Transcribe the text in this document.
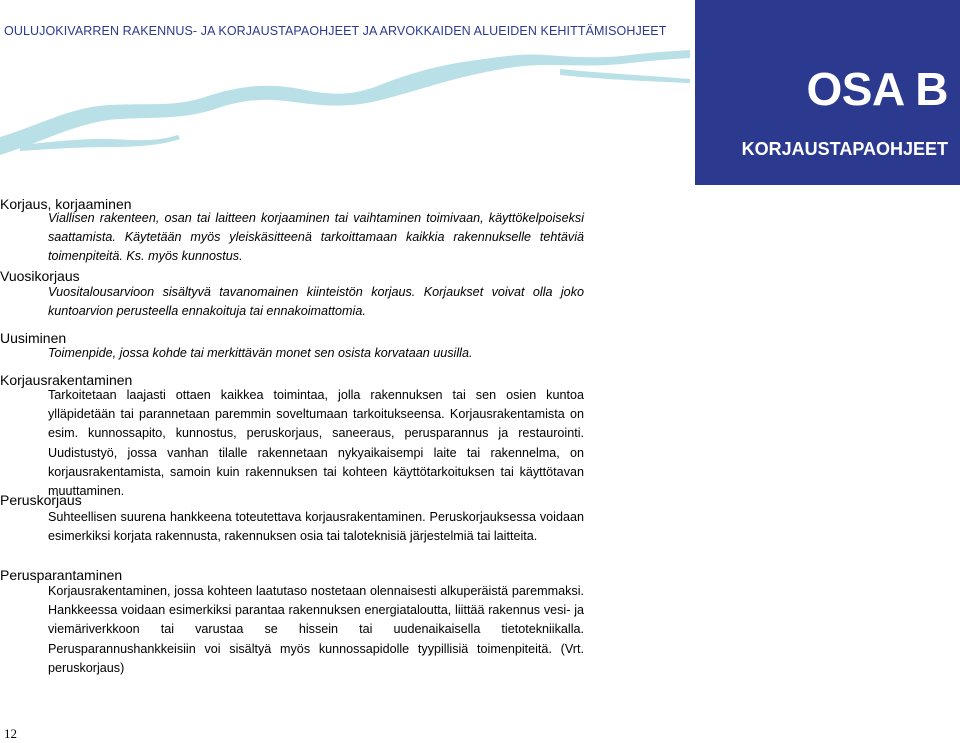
OULUJOKIVARREN RAKENNUS- JA KORJAUSTAPAOHJEET JA ARVOKKAIDEN ALUEIDEN KEHITTÄMISOHJEET
OSA B
KORJAUSTAPAOHJEET
Korjaus, korjaaminen
Viallisen rakenteen, osan tai laitteen korjaaminen tai vaihtaminen toimivaan, käyttökelpoiseksi saattamista. Käytetään myös yleiskäsitteenä tarkoittamaan kaikkia rakennukselle tehtäviä toimenpiteitä. Ks. myös kunnostus.
Vuosikorjaus
Vuositalousarvioon sisältyvä tavanomainen kiinteistön korjaus. Korjaukset voivat olla joko kuntoarvion perusteella ennakoituja tai ennakoimattomia.
Uusiminen
Toimenpide, jossa kohde tai merkittävän monet sen osista korvataan uusilla.
Korjausrakentaminen
Tarkoitetaan laajasti ottaen kaikkea toimintaa, jolla rakennuksen tai sen osien kuntoa ylläpidetään tai parannetaan paremmin soveltumaan tarkoitukseensa. Korjausrakentamista on esim. kunnossapito, kunnostus, peruskorjaus, saneeraus, perusparannus ja restaurointi. Uudistustyö, jossa vanhan tilalle rakennetaan nykyaikaisempi laite tai rakennelma, on korjausrakentamista, samoin kuin rakennuksen tai kohteen käyttötarkoituksen tai käyttötavan muuttaminen.
Peruskorjaus
Suhteellisen suurena hankkeena toteutettava korjausrakentaminen. Peruskorjauksessa voidaan esimerkiksi korjata rakennusta, rakennuksen osia tai taloteknisiä järjestelmiä tai laitteita.
Perusparantaminen
Korjausrakentaminen, jossa kohteen laatutaso nostetaan olennaisesti alkuperäistä paremmaksi. Hankkeessa voidaan esimerkiksi parantaa rakennuksen energiataloutta, liittää rakennus vesi- ja viemäriverkkoon tai varustaa se hissein tai uudenaikaisella tietotekniikalla. Perusparannushankkeisiin voi sisältyä myös kunnossapidolle tyypillisiä toimenpiteitä. (Vrt. peruskorjaus)
12
